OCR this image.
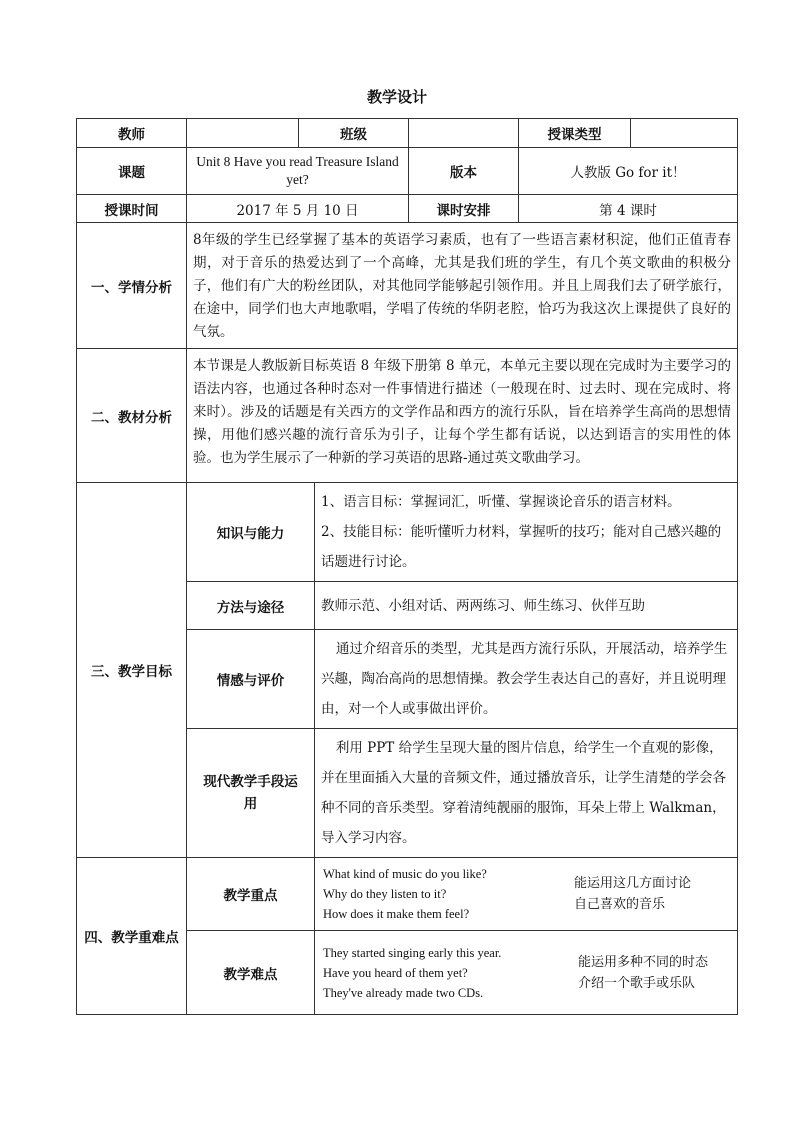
教学设计
教师		班级			授课类型	
课题	Unit 8 Have you read Treasure Island yet?			版本	人教版 Go for it！	
授课时间	2017 年 5 月 10 日			课时安排	第 4 课时	
一、学情分析	8年级的学生已经掌握了基本的英语学习素质，也有了一些语言素材积淀，他们正值青春期，对于音乐的热爱达到了一个高峰，尤其是我们班的学生，有几个英文歌曲的积极分子，他们有广大的粉丝团队，对其他同学能够起引领作用。并且上周我们去了研学旅行，在途中，同学们也大声地歌唱，学唱了传统的华阴老腔，恰巧为我这次上课提供了良好的气氛。					
二、教材分析	本节课是人教版新目标英语 8 年级下册第 8 单元，本单元主要以现在完成时为主要学习的语法内容，也通过各种时态对一件事情进行描述（一般现在时、过去时、现在完成时、将来时）。涉及的话题是有关西方的文学作品和西方的流行乐队，旨在培养学生高尚的思想情操，用他们感兴趣的流行音乐为引子，让每个学生都有话说，以达到语言的实用性的体验。也为学生展示了一种新的学习英语的思路-通过英文歌曲学习。					
三、教学目标	知识与能力		1、语言目标：掌握词汇，听懂、掌握谈论音乐的语言材料。
2、技能目标：能听懂听力材料，掌握听的技巧；能对自己感兴趣的话题进行讨论。			

	方法与途径		教师示范、小组对话、两两练习、师生练习、伙伴互助			
	情感与评价		通过介绍音乐的类型，尤其是西方流行乐队，开展活动，培养学生兴趣，陶冶高尚的思想情操。教会学生表达自己的喜好，并且说明理由，对一个人或事做出评价。			
	现代教学手段运用		利用 PPT 给学生呈现大量的图片信息，给学生一个直观的影像，并在里面插入大量的音频文件，通过播放音乐，让学生清楚的学会各种不同的音乐类型。穿着清纯靓丽的服饰，耳朵上带上 Walkman，导入学习内容。			
四、教学重难点	教学重点		What kind of music do you like?
Why do they listen to it?
How does it make them feel?
能运用这几方面讨论自己喜欢的音乐			

	教学难点		They started singing early this year.
Have you heard of them yet?
They've already made two CDs.
能运用多种不同的时态介绍一个歌手或乐队			
